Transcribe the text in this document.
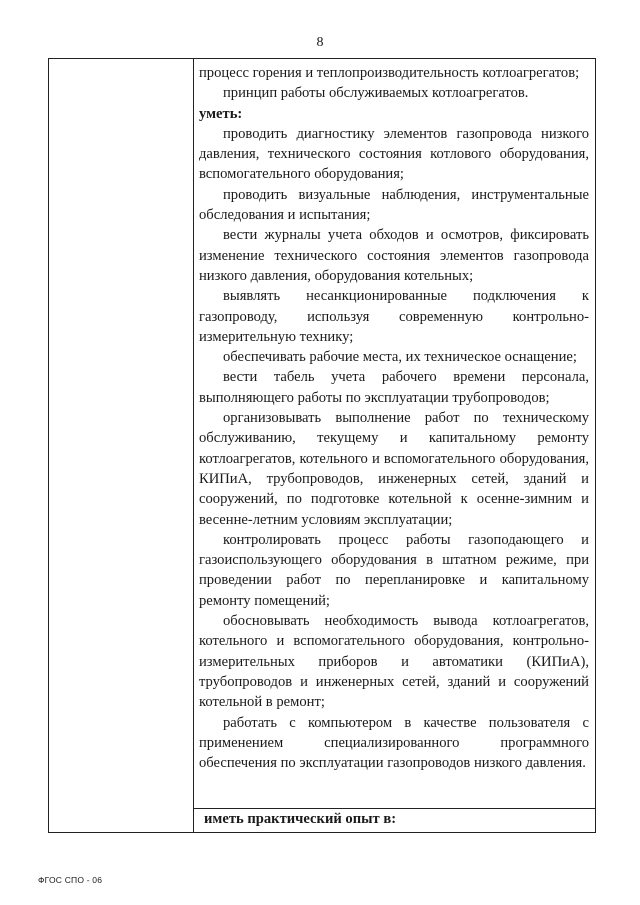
8

процесс горения и теплопроизводительность котлоагрегатов;

принцип работы обслуживаемых котлоагрегатов.

уметь:

проводить диагностику элементов газопровода низкого давления, технического состояния котлового оборудования, вспомогательного оборудования;

проводить визуальные наблюдения, инструментальные обследования и испытания;

вести журналы учета обходов и осмотров, фиксировать изменение технического состояния элементов газопровода низкого давления, оборудования котельных;

выявлять несанкционированные подключения к газопроводу, используя современную контрольно-измерительную технику;

обеспечивать рабочие места, их техническое оснащение;

вести табель учета рабочего времени персонала, выполняющего работы по эксплуатации трубопроводов;

организовывать выполнение работ по техническому обслуживанию, текущему и капитальному ремонту котлоагрегатов, котельного и вспомогательного оборудования, КИПиА, трубопроводов, инженерных сетей, зданий и сооружений, по подготовке котельной к осенне-зимним и весенне-летним условиям эксплуатации;

контролировать процесс работы газоподающего и газоиспользующего оборудования в штатном режиме, при проведении работ по перепланировке и капитальному ремонту помещений;

обосновывать необходимость вывода котлоагрегатов, котельного и вспомогательного оборудования, контрольно-измерительных приборов и автоматики (КИПиА), трубопроводов и инженерных сетей, зданий и сооружений котельной в ремонт;

работать с компьютером в качестве пользователя с применением специализированного программного обеспечения по эксплуатации газопроводов низкого давления.

иметь практический опыт в:
ФГОС СПО - 06
